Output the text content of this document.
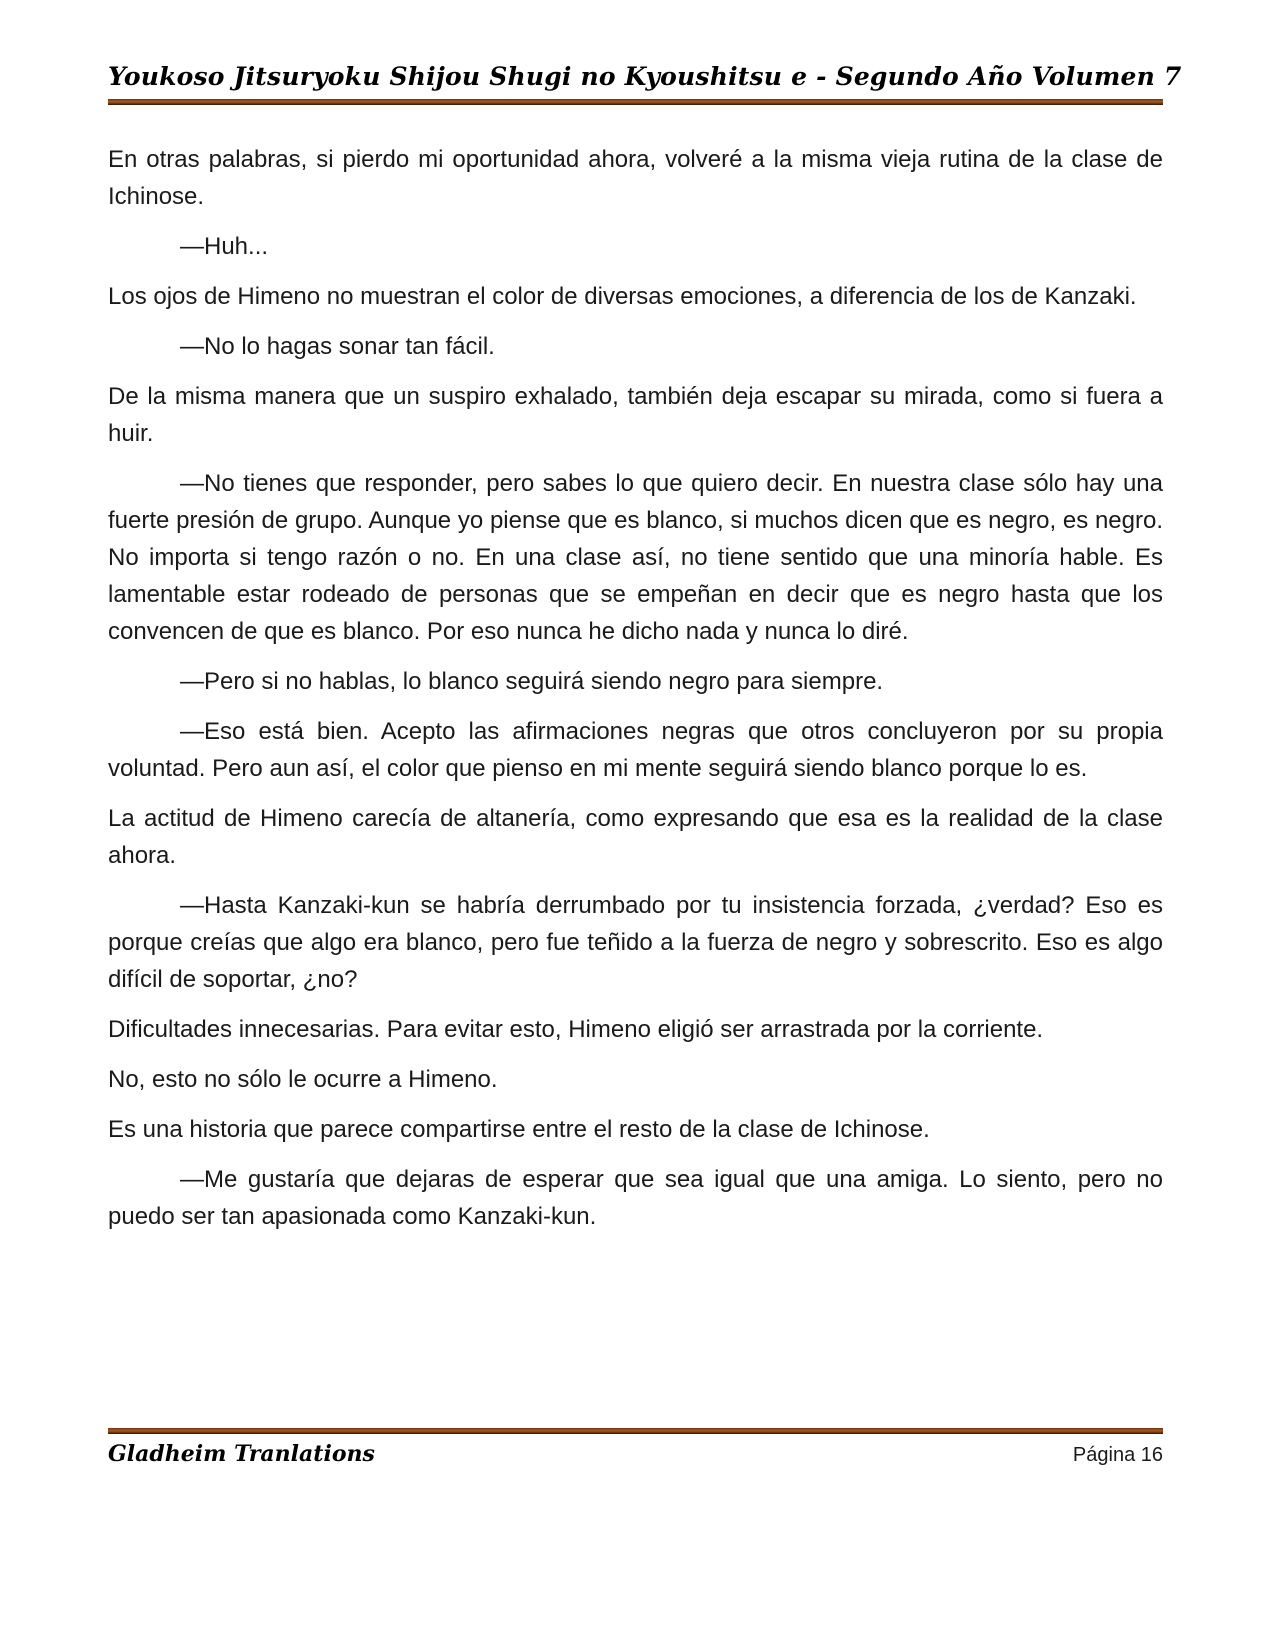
Youkoso Jitsuryoku Shijou Shugi no Kyoushitsu e - Segundo Año Volumen 7

En otras palabras, si pierdo mi oportunidad ahora, volveré a la misma vieja rutina de la clase de Ichinose.

—Huh...

Los ojos de Himeno no muestran el color de diversas emociones, a diferencia de los de Kanzaki.

—No lo hagas sonar tan fácil.

De la misma manera que un suspiro exhalado, también deja escapar su mirada, como si fuera a huir.

—No tienes que responder, pero sabes lo que quiero decir. En nuestra clase sólo hay una fuerte presión de grupo. Aunque yo piense que es blanco, si muchos dicen que es negro, es negro. No importa si tengo razón o no. En una clase así, no tiene sentido que una minoría hable. Es lamentable estar rodeado de personas que se empeñan en decir que es negro hasta que los convencen de que es blanco. Por eso nunca he dicho nada y nunca lo diré.

—Pero si no hablas, lo blanco seguirá siendo negro para siempre.

—Eso está bien. Acepto las afirmaciones negras que otros concluyeron por su propia voluntad. Pero aun así, el color que pienso en mi mente seguirá siendo blanco porque lo es.

La actitud de Himeno carecía de altanería, como expresando que esa es la realidad de la clase ahora.

—Hasta Kanzaki-kun se habría derrumbado por tu insistencia forzada, ¿verdad? Eso es porque creías que algo era blanco, pero fue teñido a la fuerza de negro y sobrescrito. Eso es algo difícil de soportar, ¿no?

Dificultades innecesarias. Para evitar esto, Himeno eligió ser arrastrada por la corriente.

No, esto no sólo le ocurre a Himeno.

Es una historia que parece compartirse entre el resto de la clase de Ichinose.

—Me gustaría que dejaras de esperar que sea igual que una amiga. Lo siento, pero no puedo ser tan apasionada como Kanzaki-kun.

Gladheim Tranlations	Página 16
